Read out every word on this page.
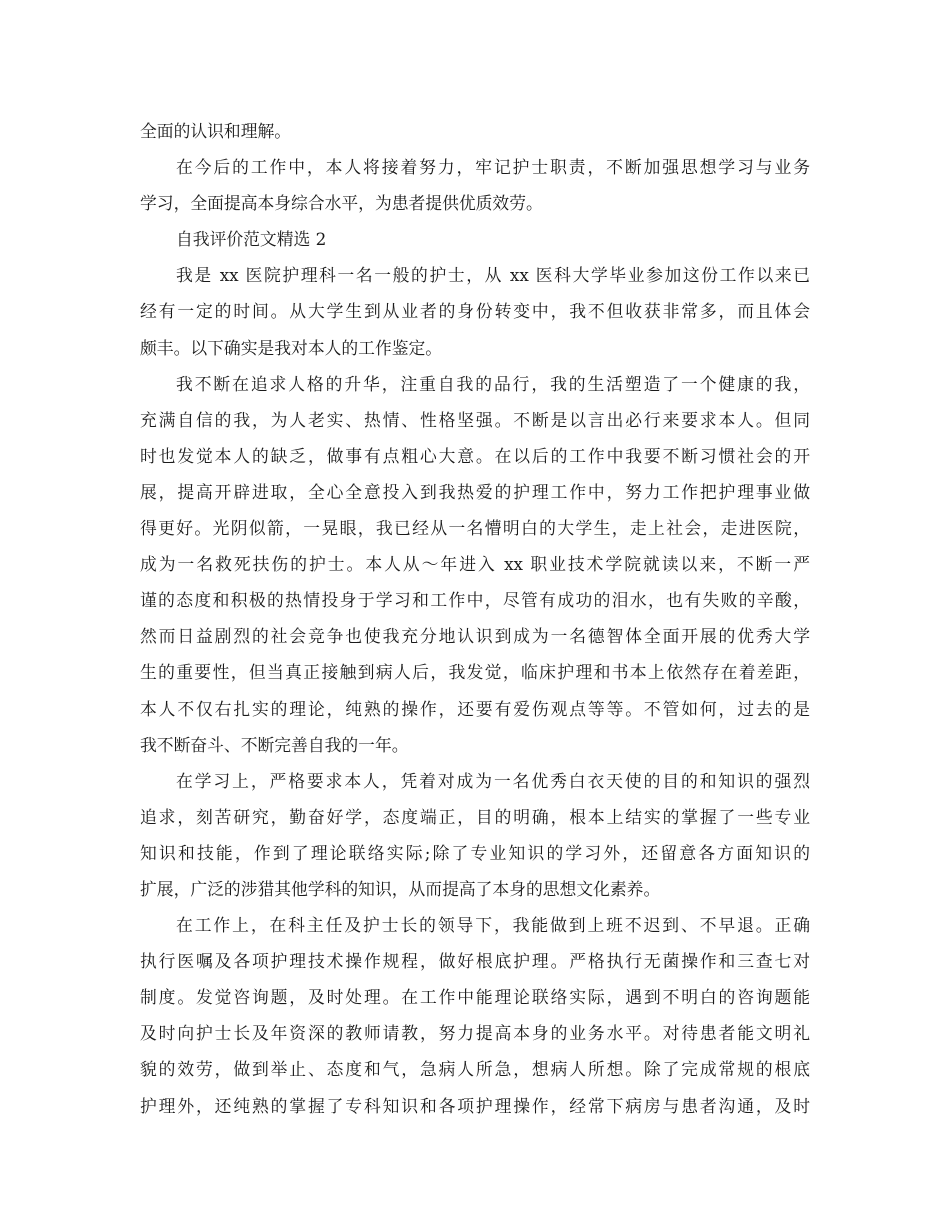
全面的认识和理解。
在今后的工作中，本人将接着努力，牢记护士职责，不断加强思想学习与业务
学习，全面提高本身综合水平，为患者提供优质效劳。
自我评价范文精选 2
我是 xx 医院护理科一名一般的护士，从 xx 医科大学毕业参加这份工作以来已
经有一定的时间。从大学生到从业者的身份转变中，我不但收获非常多，而且体会
颇丰。以下确实是我对本人的工作鉴定。
我不断在追求人格的升华，注重自我的品行，我的生活塑造了一个健康的我，
充满自信的我，为人老实、热情、性格坚强。不断是以言出必行来要求本人。但同
时也发觉本人的缺乏，做事有点粗心大意。在以后的工作中我要不断习惯社会的开
展，提高开辟进取，全心全意投入到我热爱的护理工作中，努力工作把护理事业做
得更好。光阴似箭，一晃眼，我已经从一名懵明白的大学生，走上社会，走进医院，
成为一名救死扶伤的护士。本人从～年进入 xx 职业技术学院就读以来，不断一严
谨的态度和积极的热情投身于学习和工作中，尽管有成功的泪水，也有失败的辛酸，
然而日益剧烈的社会竞争也使我充分地认识到成为一名德智体全面开展的优秀大学
生的重要性，但当真正接触到病人后，我发觉，临床护理和书本上依然存在着差距，
本人不仅右扎实的理论，纯熟的操作，还要有爱伤观点等等。不管如何，过去的是
我不断奋斗、不断完善自我的一年。
在学习上，严格要求本人，凭着对成为一名优秀白衣天使的目的和知识的强烈
追求，刻苦研究，勤奋好学，态度端正，目的明确，根本上结实的掌握了一些专业
知识和技能，作到了理论联络实际;除了专业知识的学习外，还留意各方面知识的
扩展，广泛的涉猎其他学科的知识，从而提高了本身的思想文化素养。
在工作上，在科主任及护士长的领导下，我能做到上班不迟到、不早退。正确
执行医嘱及各项护理技术操作规程，做好根底护理。严格执行无菌操作和三查七对
制度。发觉咨询题，及时处理。在工作中能理论联络实际，遇到不明白的咨询题能
及时向护士长及年资深的教师请教，努力提高本身的业务水平。对待患者能文明礼
貌的效劳，做到举止、态度和气，急病人所急，想病人所想。除了完成常规的根底
护理外，还纯熟的掌握了专科知识和各项护理操作，经常下病房与患者沟通，及时
